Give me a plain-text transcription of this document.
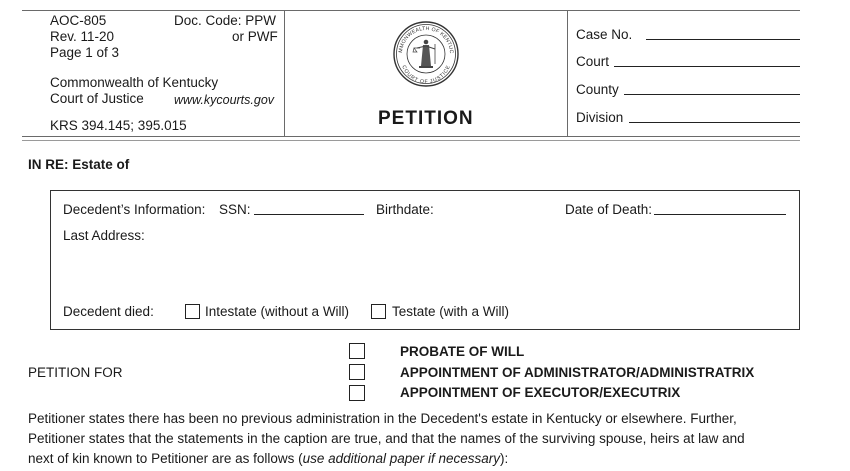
AOC-805
Rev. 11-20
Page 1 of 3
Doc. Code: PPW
or PWF
Commonwealth of Kentucky
Court of Justice www.kycourts.gov
KRS 394.145; 395.015
MMONWEALTH OF KENTUC
COURT OF JUSTICE
PETITION
Case No.
Court
County
Division
IN RE: Estate of
Decedent’s Information: SSN:	Birthdate:	Date of Death:
Last Address:
Decedent died:	Intestate (without a Will)	Testate (with a Will)
PETITION FOR
PROBATE OF WILL
APPOINTMENT OF ADMINISTRATOR/ADMINISTRATRIX
APPOINTMENT OF EXECUTOR/EXECUTRIX
Petitioner states there has been no previous administration in the Decedent's estate in Kentucky or elsewhere. Further,
Petitioner states that the statements in the caption are true, and that the names of the surviving spouse, heirs at law and
next of kin known to Petitioner are as follows (use additional paper if necessary):
